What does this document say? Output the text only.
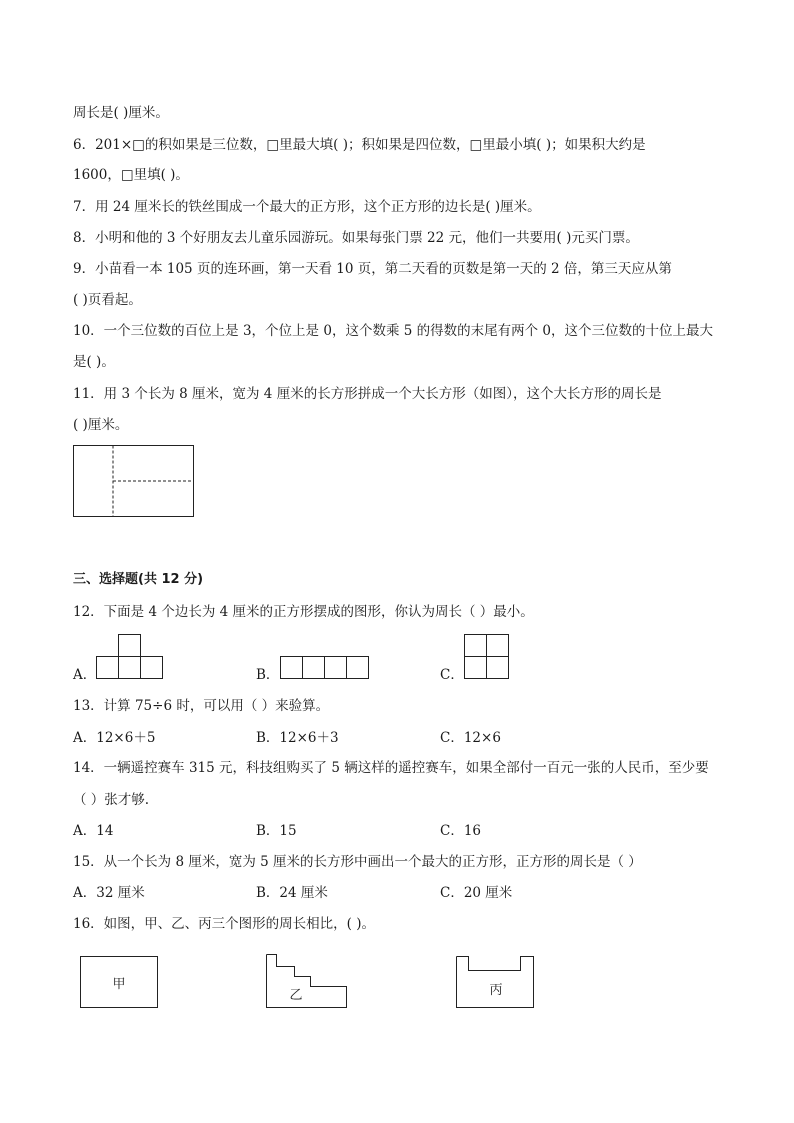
周长是( )厘米。
6．201×□的积如果是三位数，□里最大填( )；积如果是四位数，□里最小填( )；如果积大约是
1600，□里填( )。
7．用 24 厘米长的铁丝围成一个最大的正方形，这个正方形的边长是( )厘米。
8．小明和他的 3 个好朋友去儿童乐园游玩。如果每张门票 22 元，他们一共要用( )元买门票。
9．小苗看一本 105 页的连环画，第一天看 10 页，第二天看的页数是第一天的 2 倍，第三天应从第
( )页看起。
10．一个三位数的百位上是 3，个位上是 0，这个数乘 5 的得数的末尾有两个 0，这个三位数的十位上最大
是( )。
11．用 3 个长为 8 厘米，宽为 4 厘米的长方形拼成一个大长方形（如图），这个大长方形的周长是
( )厘米。
三、选择题(共 12 分)
12．下面是 4 个边长为 4 厘米的正方形摆成的图形，你认为周长（ ）最小。
A．	B．	C．
13．计算 75÷6 时，可以用（ ）来验算。
A．12×6＋5	B．12×6＋3	C．12×6
14．一辆遥控赛车 315 元，科技组购买了 5 辆这样的遥控赛车，如果全部付一百元一张的人民币，至少要
（ ）张才够.
A．14	B．15	C．16
15．从一个长为 8 厘米，宽为 5 厘米的长方形中画出一个最大的正方形，正方形的周长是（ ）
A．32 厘米	B．24 厘米	C．20 厘米
16．如图，甲、乙、丙三个图形的周长相比，( )。
甲
乙	丙
